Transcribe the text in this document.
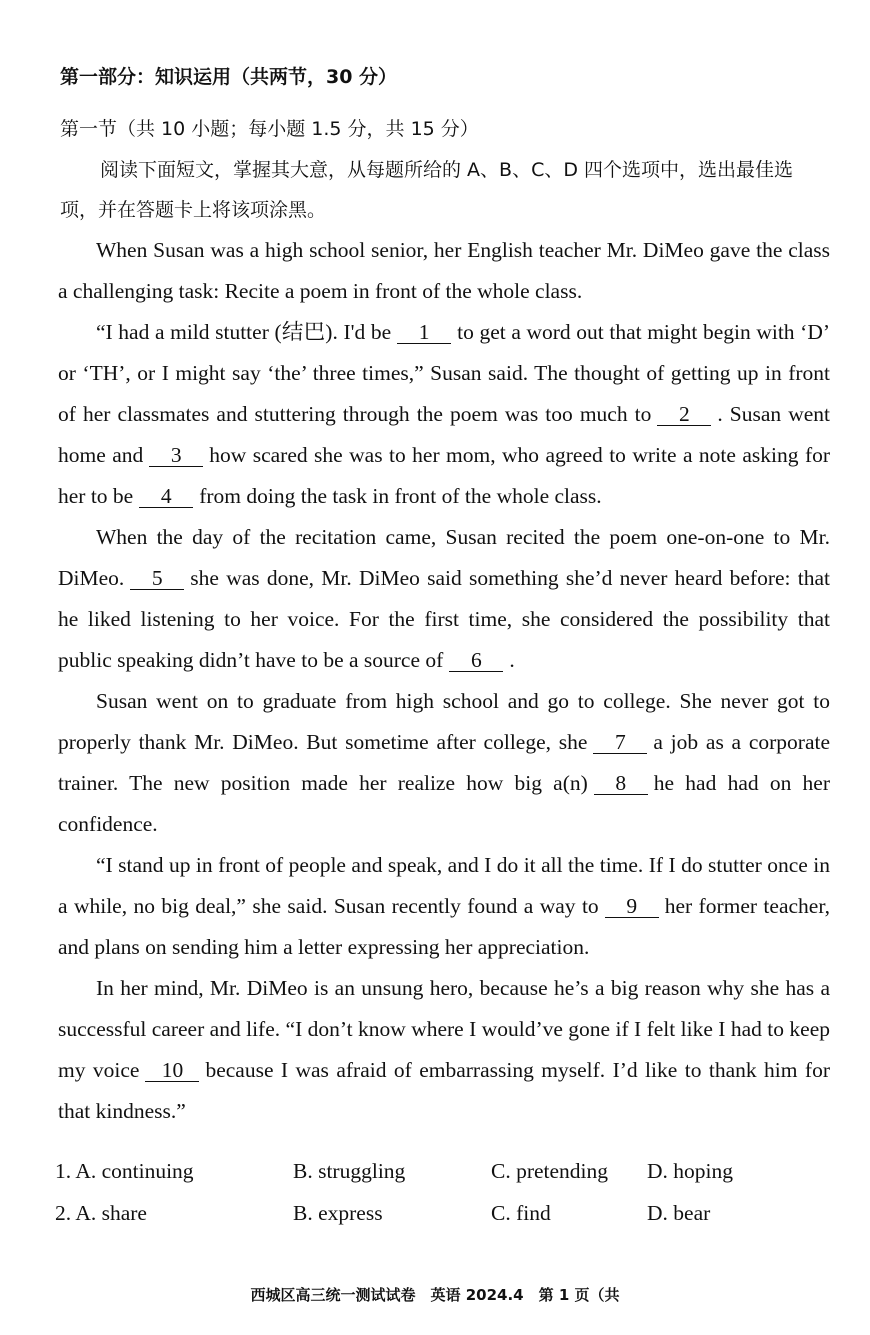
第一部分：知识运用（共两节，30 分）
第一节（共 10 小题；每小题 1.5 分，共 15 分）
阅读下面短文，掌握其大意，从每题所给的 A、B、C、D 四个选项中，选出最佳选项，并在答题卡上将该项涂黑。

When Susan was a high school senior, her English teacher Mr. DiMeo gave the class a challenging task: Recite a poem in front of the whole class.

“I had a mild stutter (结巴). I'd be 1 to get a word out that might begin with ‘D’ or ‘TH’, or I might say ‘the’ three times,” Susan said. The thought of getting up in front of her classmates and stuttering through the poem was too much to 2 . Susan went home and 3 how scared she was to her mom, who agreed to write a note asking for her to be 4 from doing the task in front of the whole class.

When the day of the recitation came, Susan recited the poem one-on-one to Mr. DiMeo. 5 she was done, Mr. DiMeo said something she’d never heard before: that he liked listening to her voice. For the first time, she considered the possibility that public speaking didn’t have to be a source of 6 .

Susan went on to graduate from high school and go to college. She never got to properly thank Mr. DiMeo. But sometime after college, she 7 a job as a corporate trainer. The new position made her realize how big a(n) 8 he had had on her confidence.

“I stand up in front of people and speak, and I do it all the time. If I do stutter once in a while, no big deal,” she said. Susan recently found a way to 9 her former teacher, and plans on sending him a letter expressing her appreciation.

In her mind, Mr. DiMeo is an unsung hero, because he’s a big reason why she has a successful career and life. “I don’t know where I would’ve gone if I felt like I had to keep my voice 10 because I was afraid of embarrassing myself. I’d like to thank him for that kindness.”

1. A. continuing	B. struggling	C. pretending	D. hoping
2. A. share	B. express	C. find	D. bear
西城区高三统一测试试卷　英语 2024.4　第 1 页（共
